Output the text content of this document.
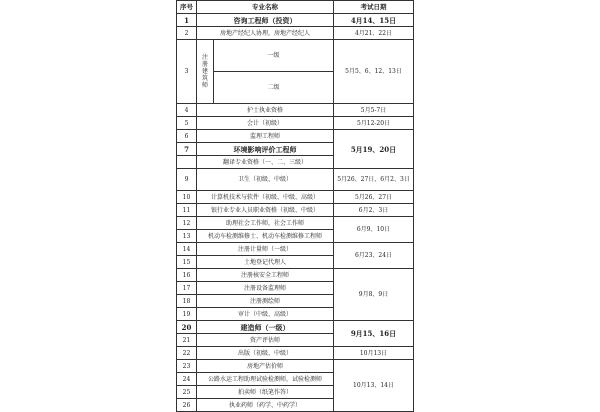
序号	专业名称		考试日期
1	咨询工程师（投资）		4月14、15日
2	房地产经纪人协理，房地产经纪人		4月21、22日
3	注册建筑师	一级	5月5、6、12、13日
		二级	
4	护士执业资格		5月5-7日
5	会计（初级）		5月12-20日
6	监理工程师		5月19、20日
7	环境影响评价工程师		
	翻译专业资格（一、二、三级）		
9	卫生（初级、中级）		5月26、27日、6月2、3日
10	计算机技术与软件（初级、中级、高级）		5月26、27日
11	银行业专业人员职业资格（初级、中级）		6月2、3日
12	助理社会工作师，社会工作师		6月9、10日
13	机动车检测维修士、机动车检测维修工程师		
14	注册计量师（一级）		6月23、24日
15	土地登记代理人		
16	注册核安全工程师		9月8、9日
17	注册设备监理师		
18	注册测绘师		
19	审计（中级、高级）		
20	建造师（一级）		9月15、16日
21	资产评估师		
22	出版（初级、中级）		10月13日
23	房地产估价师		10月13、14日
24	公路水运工程助理试验检测师，试验检测师		
25	拍卖师（纸笔作答）		
26	执业药师（药学、中药学）		
